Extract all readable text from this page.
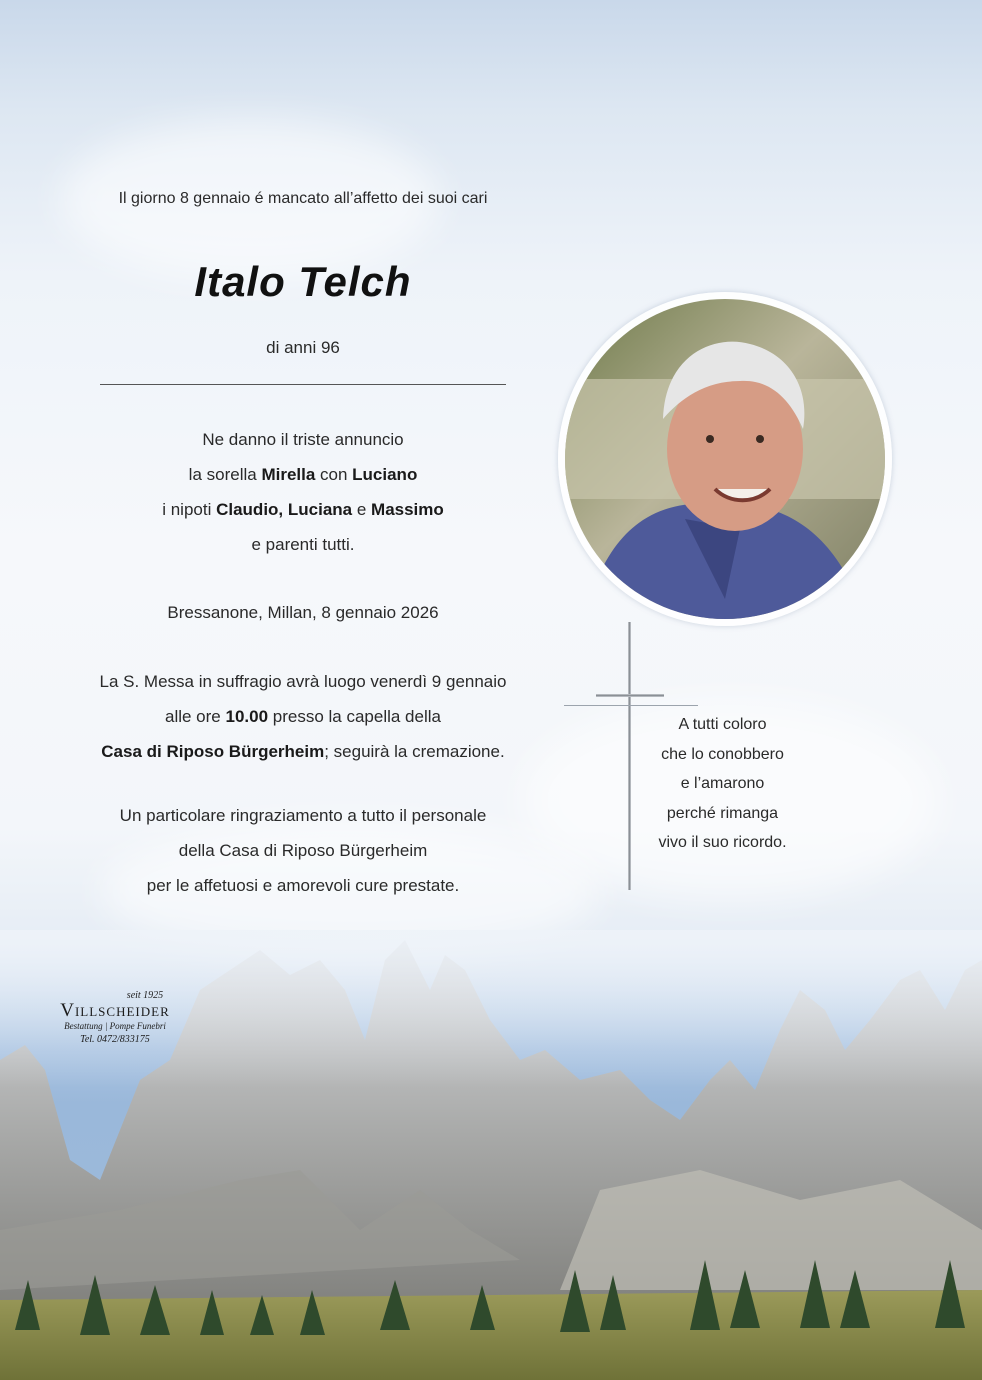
Il giorno 8 gennaio é mancato all’affetto dei suoi cari
Italo Telch
di anni 96
Ne danno il triste annuncio
la sorella Mirella con Luciano
i nipoti Claudio, Luciana e Massimo
e parenti tutti.
Bressanone, Millan, 8 gennaio 2026
La S. Messa in suffragio avrà luogo venerdì 9 gennaio
alle ore 10.00 presso la capella della
Casa di Riposo Bürgerheim; seguirà la cremazione.
Un particolare ringraziamento a tutto il personale
della Casa di Riposo Bürgerheim
per le affetuosi e amorevoli cure prestate.
A tutti coloro
che lo conobbero
e l’amarono
perché rimanga
vivo il suo ricordo.
seit 1925
Villscheider
Bestattung | Pompe Funebri
Tel. 0472/833175
